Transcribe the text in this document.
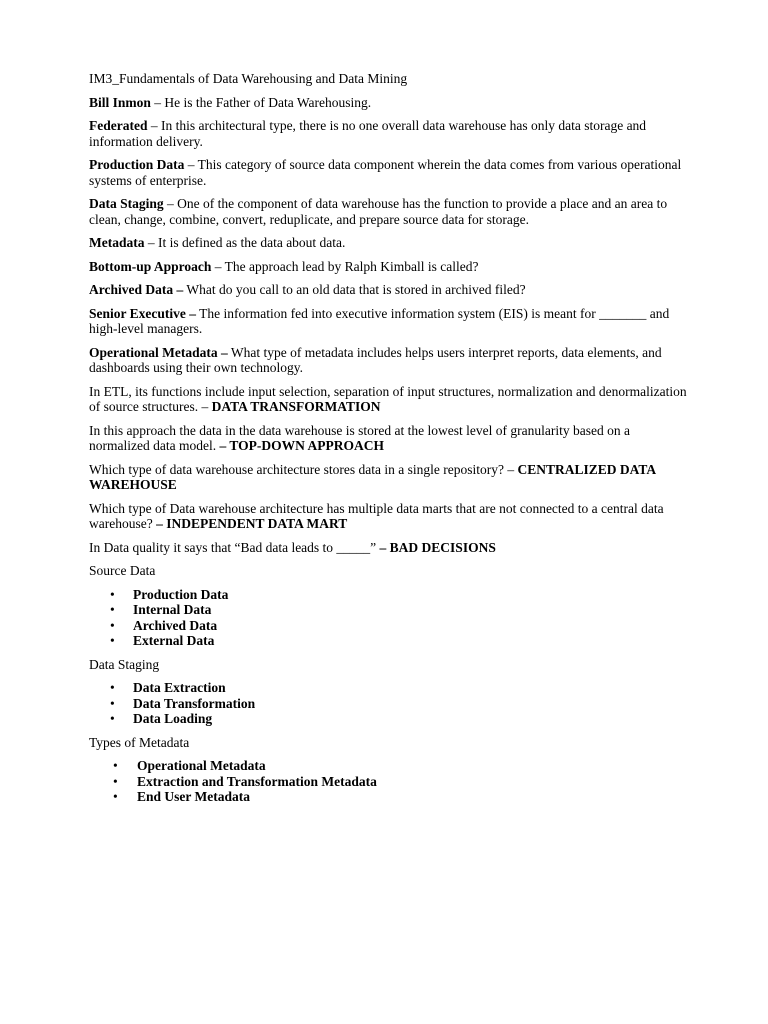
IM3_Fundamentals of Data Warehousing and Data Mining
Bill Inmon – He is the Father of Data Warehousing.
Federated – In this architectural type, there is no one overall data warehouse has only data storage and information delivery.
Production Data – This category of source data component wherein the data comes from various operational systems of enterprise.
Data Staging – One of the component of data warehouse has the function to provide a place and an area to clean, change, combine, convert, reduplicate, and prepare source data for storage.
Metadata – It is defined as the data about data.
Bottom-up Approach – The approach lead by Ralph Kimball is called?
Archived Data – What do you call to an old data that is stored in archived filed?
Senior Executive – The information fed into executive information system (EIS) is meant for _______ and high-level managers.
Operational Metadata – What type of metadata includes helps users interpret reports, data elements, and dashboards using their own technology.
In ETL, its functions include input selection, separation of input structures, normalization and denormalization of source structures. – DATA TRANSFORMATION
In this approach the data in the data warehouse is stored at the lowest level of granularity based on a normalized data model. – TOP-DOWN APPROACH
Which type of data warehouse architecture stores data in a single repository? – CENTRALIZED DATA WAREHOUSE
Which type of Data warehouse architecture has multiple data marts that are not connected to a central data warehouse? – INDEPENDENT DATA MART
In Data quality it says that “Bad data leads to _____” – BAD DECISIONS
Source Data
• Production Data
• Internal Data
• Archived Data
• External Data
Data Staging
• Data Extraction
• Data Transformation
• Data Loading
Types of Metadata
• Operational Metadata
• Extraction and Transformation Metadata
• End User Metadata
